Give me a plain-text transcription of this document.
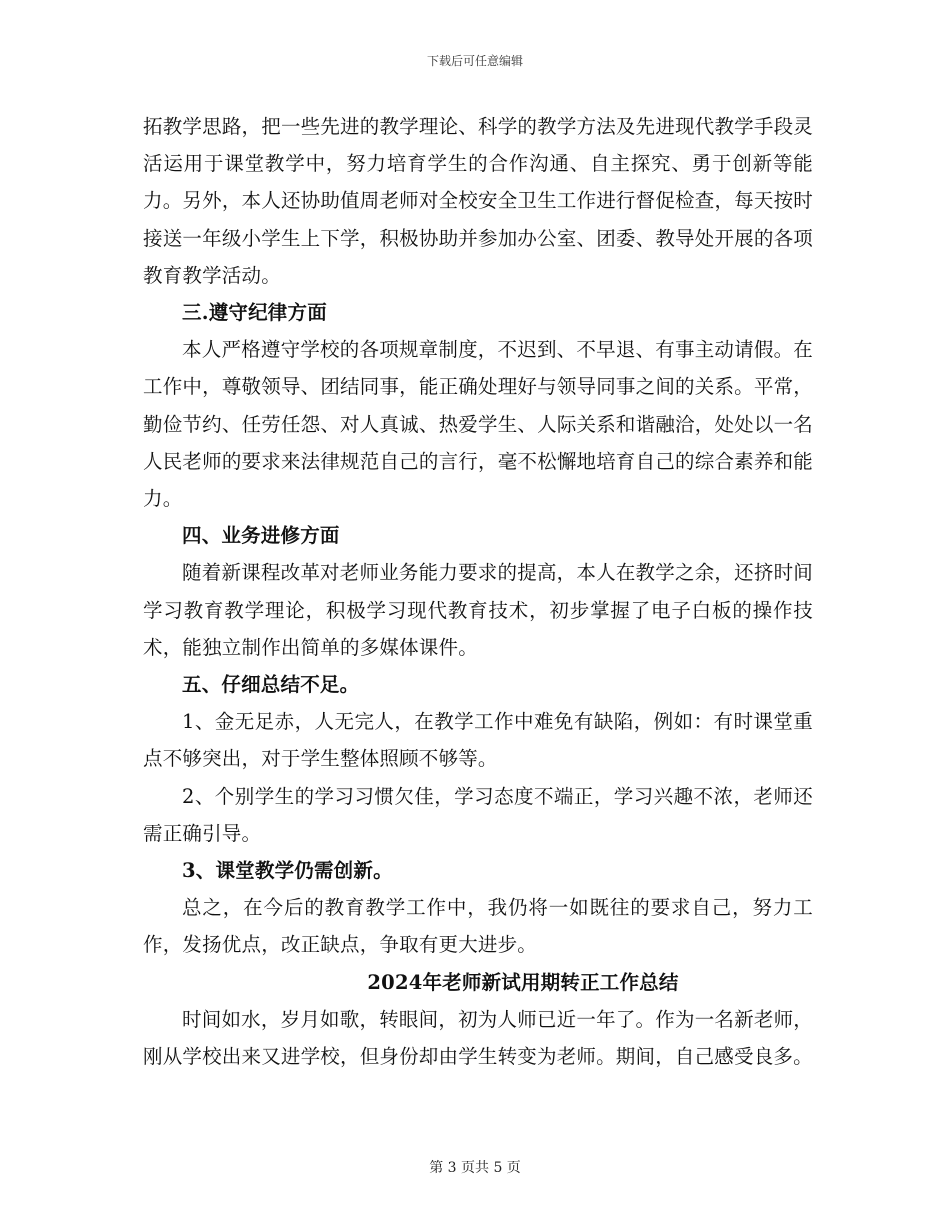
下载后可任意编辑

拓教学思路，把一些先进的教学理论、科学的教学方法及先进现代教学手段灵活运用于课堂教学中，努力培育学生的合作沟通、自主探究、勇于创新等能力。另外，本人还协助值周老师对全校安全卫生工作进行督促检查，每天按时接送一年级小学生上下学，积极协助并参加办公室、团委、教导处开展的各项教育教学活动。

三.遵守纪律方面

本人严格遵守学校的各项规章制度，不迟到、不早退、有事主动请假。在工作中，尊敬领导、团结同事，能正确处理好与领导同事之间的关系。平常，勤俭节约、任劳任怨、对人真诚、热爱学生、人际关系和谐融洽，处处以一名人民老师的要求来法律规范自己的言行，毫不松懈地培育自己的综合素养和能力。

四、业务进修方面

随着新课程改革对老师业务能力要求的提高，本人在教学之余，还挤时间学习教育教学理论，积极学习现代教育技术，初步掌握了电子白板的操作技术，能独立制作出简单的多媒体课件。

五、仔细总结不足。

1、金无足赤，人无完人，在教学工作中难免有缺陷，例如：有时课堂重点不够突出，对于学生整体照顾不够等。

2、个别学生的学习习惯欠佳，学习态度不端正，学习兴趣不浓，老师还需正确引导。

3、课堂教学仍需创新。

总之，在今后的教育教学工作中，我仍将一如既往的要求自己，努力工作，发扬优点，改正缺点，争取有更大进步。

2024年老师新试用期转正工作总结

时间如水，岁月如歌，转眼间，初为人师已近一年了。作为一名新老师，刚从学校出来又进学校，但身份却由学生转变为老师。期间，自己感受良多。

第 3 页共 5 页
